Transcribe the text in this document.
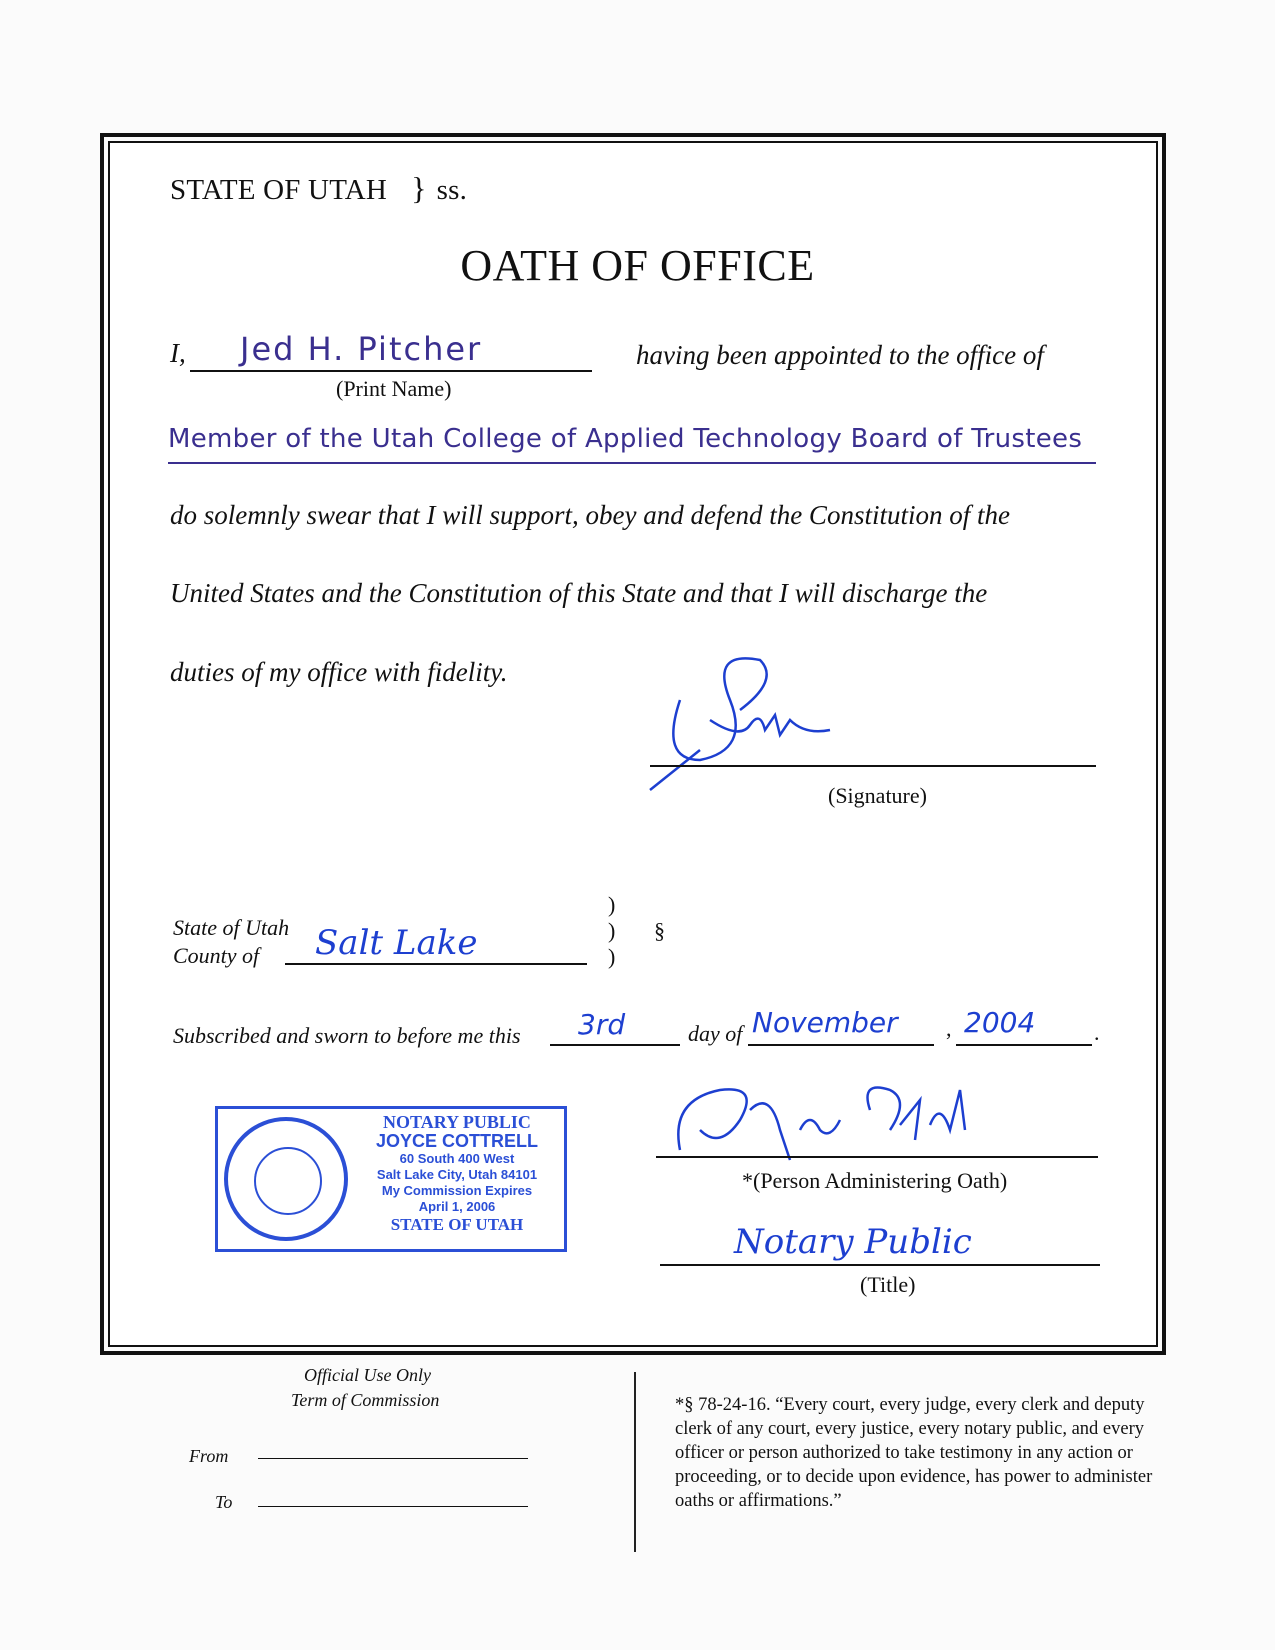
STATE OF UTAH } ss.
OATH OF OFFICE
I, Jed H. Pitcher
(Print Name)
having been appointed to the office of
Member of the Utah College of Applied Technology Board of Trustees
do solemnly swear that I will support, obey and defend the Constitution of the
United States and the Constitution of this State and that I will discharge the
duties of my office with fidelity.
(Signature)
State of Utah
County of Salt Lake
)
)
)
§
Subscribed and sworn to before me this 3rd	day of November , 2004	.
NOTARY PUBLIC
JOYCE COTTRELL
60 South 400 West
Salt Lake City, Utah 84101
My Commission Expires
April 1, 2006
STATE OF UTAH
*(Person Administering Oath)
Notary Public
(Title)
Official Use Only
Term of Commission
From
To
*§ 78-24-16. “Every court, every judge, every clerk and deputy clerk of any court, every justice, every notary public, and every officer or person authorized to take testimony in any action or proceeding, or to decide upon evidence, has power to administer oaths or affirmations.”
